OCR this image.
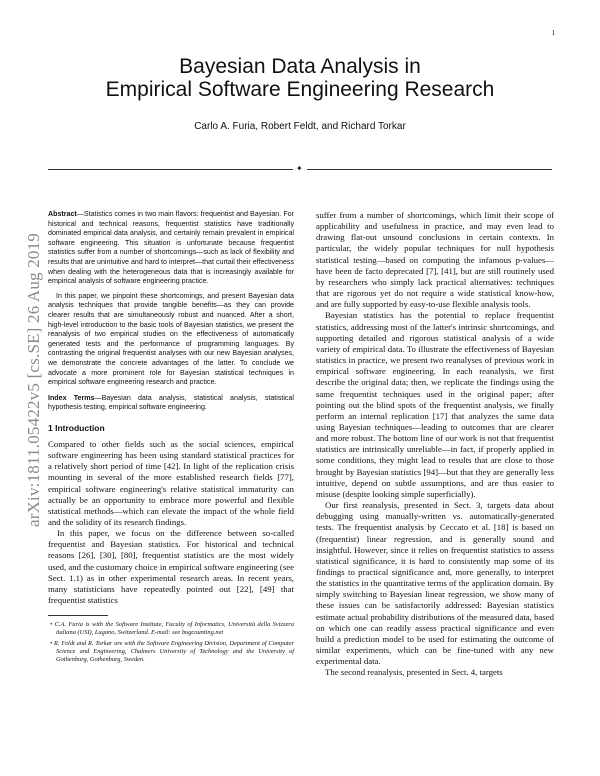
1
Bayesian Data Analysis in
Empirical Software Engineering Research
Carlo A. Furia, Robert Feldt, and Richard Torkar
✦
arXiv:1811.05422v5 [cs.SE] 26 Aug 2019

Abstract—Statistics comes in two main flavors: frequentist and Bayesian. For historical and technical reasons, frequentist statistics have traditionally dominated empirical data analysis, and certainly remain prevalent in empirical software engineering. This situation is unfortunate because frequentist statistics suffer from a number of shortcomings—such as lack of flexibility and results that are unintuitive and hard to interpret—that curtail their effectiveness when dealing with the heterogeneous data that is increasingly available for empirical analysis of software engineering practice.

In this paper, we pinpoint these shortcomings, and present Bayesian data analysis techniques that provide tangible benefits—as they can provide clearer results that are simultaneously robust and nuanced. After a short, high-level introduction to the basic tools of Bayesian statistics, we present the reanalysis of two empirical studies on the effectiveness of automatically generated tests and the performance of programming languages. By contrasting the original frequentist analyses with our new Bayesian analyses, we demonstrate the concrete advantages of the latter. To conclude we advocate a more prominent role for Bayesian statistical techniques in empirical software engineering research and practice.

Index Terms—Bayesian data analysis, statistical analysis, statistical hypothesis testing, empirical software engineering.

1 Introduction

Compared to other fields such as the social sciences, empirical software engineering has been using standard statistical practices for a relatively short period of time [42]. In light of the replication crisis mounting in several of the more established research fields [77], empirical software engineering's relative statistical immaturity can actually be an opportunity to embrace more powerful and flexible statistical methods—which can elevate the impact of the whole field and the solidity of its research findings.

In this paper, we focus on the difference between so-called frequentist and Bayesian statistics. For historical and technical reasons [26], [30], [80], frequentist statistics are the most widely used, and the customary choice in empirical software engineering (see Sect. 1.1) as in other experimental research areas. In recent years, many statisticians have repeatedly pointed out [22], [49] that frequentist statistics

• C.A. Furia is with the Software Institute, Faculty of Informatics, Università della Svizzera italiana (USI), Lugano, Switzerland. E-mail: see bugcounting.net
• R. Feldt and R. Torkar are with the Software Engineering Division, Department of Computer Science and Engineering, Chalmers University of Technology and the University of Gothenburg, Gothenburg, Sweden.

suffer from a number of shortcomings, which limit their scope of applicability and usefulness in practice, and may even lead to drawing flat-out unsound conclusions in certain contexts. In particular, the widely popular techniques for null hypothesis statistical testing—based on computing the infamous p-values—have been de facto deprecated [7], [41], but are still routinely used by researchers who simply lack practical alternatives: techniques that are rigorous yet do not require a wide statistical know-how, and are fully supported by easy-to-use flexible analysis tools.

Bayesian statistics has the potential to replace frequentist statistics, addressing most of the latter's intrinsic shortcomings, and supporting detailed and rigorous statistical analysis of a wide variety of empirical data. To illustrate the effectiveness of Bayesian statistics in practice, we present two reanalyses of previous work in empirical software engineering. In each reanalysis, we first describe the original data; then, we replicate the findings using the same frequentist techniques used in the original paper; after pointing out the blind spots of the frequentist analysis, we finally perform an internal replication [17] that analyzes the same data using Bayesian techniques—leading to outcomes that are clearer and more robust. The bottom line of our work is not that frequentist statistics are intrinsically unreliable—in fact, if properly applied in some conditions, they might lead to results that are close to those brought by Bayesian statistics [94]—but that they are generally less intuitive, depend on subtle assumptions, and are thus easier to misuse (despite looking simple superficially).

Our first reanalysis, presented in Sect. 3, targets data about debugging using manually-written vs. automatically-generated tests. The frequentist analysis by Ceccato et al. [18] is based on (frequentist) linear regression, and is generally sound and insightful. However, since it relies on frequentist statistics to assess statistical significance, it is hard to consistently map some of its findings to practical significance and, more generally, to interpret the statistics in the quantitative terms of the application domain. By simply switching to Bayesian linear regression, we show many of these issues can be satisfactorily addressed: Bayesian statistics estimate actual probability distributions of the measured data, based on which one can readily assess practical significance and even build a prediction model to be used for estimating the outcome of similar experiments, which can be fine-tuned with any new experimental data.

The second reanalysis, presented in Sect. 4, targets
